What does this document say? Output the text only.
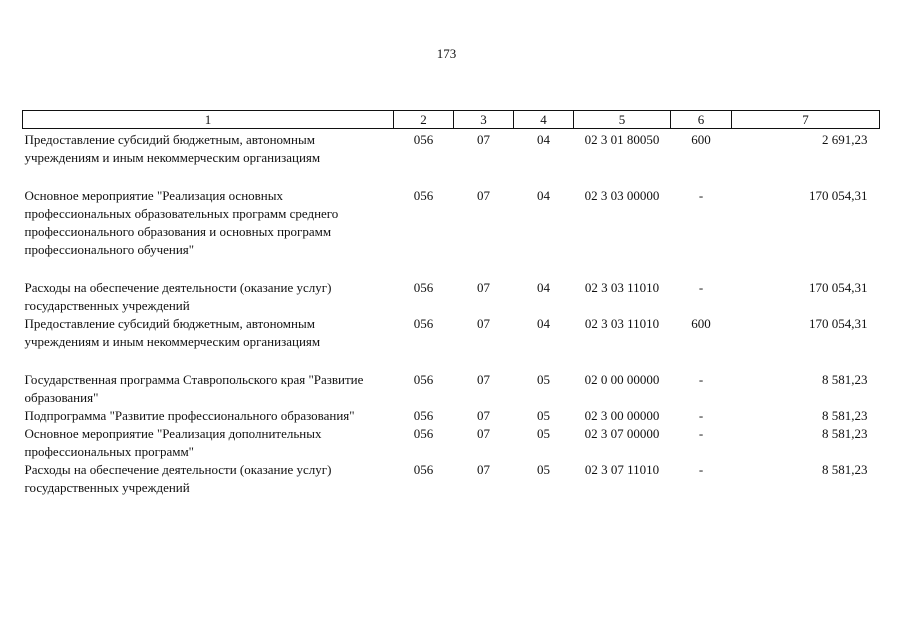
173
1	2	3	4	5	6	7
Предоставление субсидий бюджетным, автономным учреждениям и иным некоммерческим организациям	056	07	04	02 3 01 80050	600	2 691,23
Основное мероприятие "Реализация основных профессиональных образовательных программ среднего профессионального образования и основных программ профессионального обучения"	056	07	04	02 3 03 00000	-	170 054,31
Расходы на обеспечение деятельности (оказание услуг) государственных учреждений	056	07	04	02 3 03 11010	-	170 054,31
Предоставление субсидий бюджетным, автономным учреждениям и иным некоммерческим организациям	056	07	04	02 3 03 11010	600	170 054,31
Государственная программа Ставропольского края "Развитие образования"	056	07	05	02 0 00 00000	-	8 581,23
Подпрограмма "Развитие профессионального образования"	056	07	05	02 3 00 00000	-	8 581,23
Основное мероприятие "Реализация дополнительных профессиональных программ"	056	07	05	02 3 07 00000	-	8 581,23
Расходы на обеспечение деятельности (оказание услуг) государственных учреждений	056	07	05	02 3 07 11010	-	8 581,23
